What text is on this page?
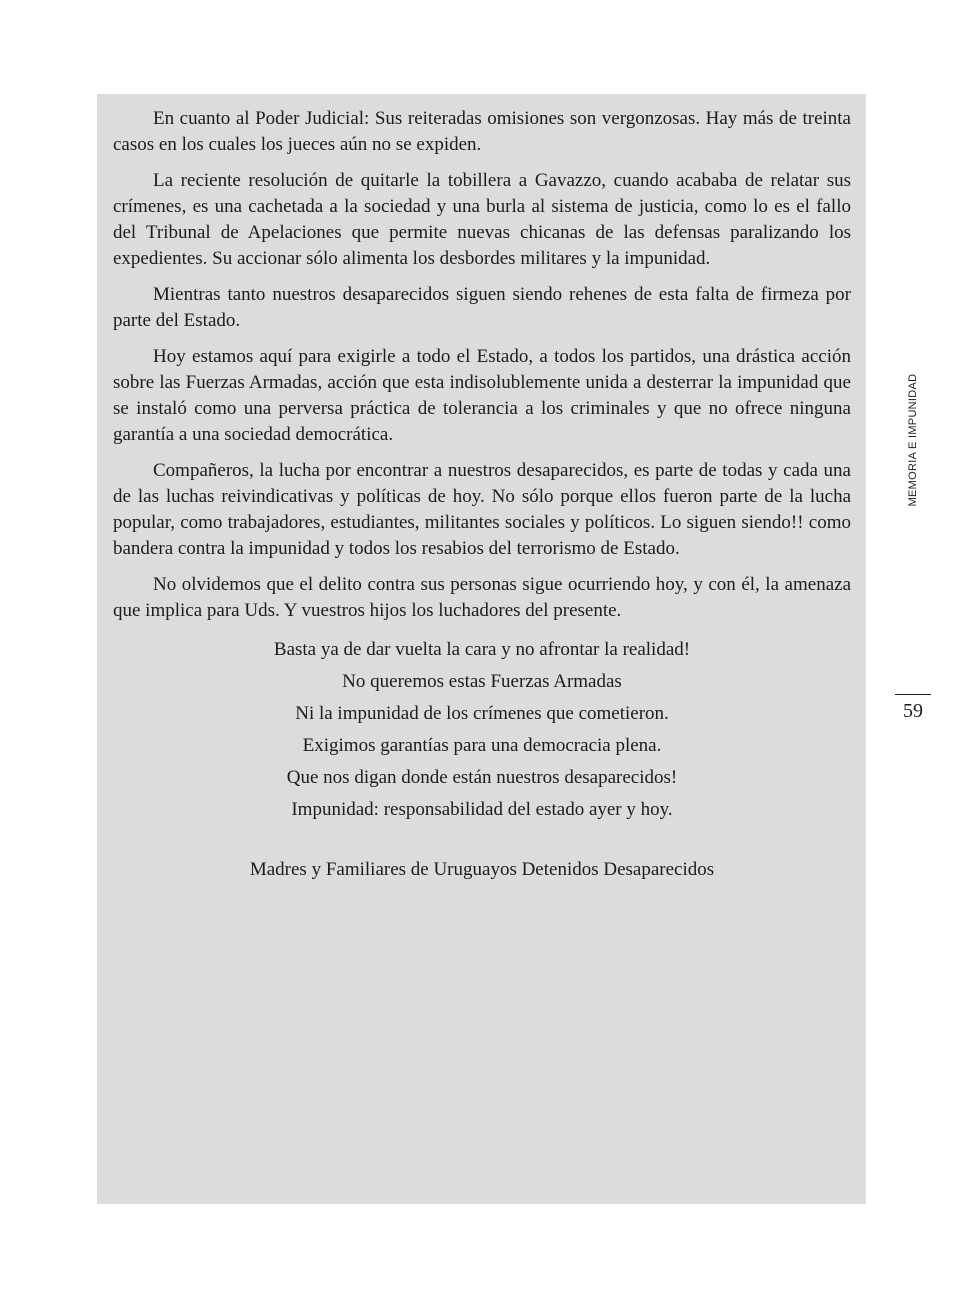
En cuanto al Poder Judicial: Sus reiteradas omisiones son vergonzosas. Hay más de treinta casos en los cuales los jueces aún no se expiden.

La reciente resolución de quitarle la tobillera a Gavazzo, cuando acababa de relatar sus crímenes, es una cachetada a la sociedad y una burla al sistema de justicia, como lo es el fallo del Tribunal de Apelaciones que permite nuevas chicanas de las defensas paralizando los expedientes. Su accionar sólo alimenta los desbordes militares y la impunidad.

Mientras tanto nuestros desaparecidos siguen siendo rehenes de esta falta de firmeza por parte del Estado.

Hoy estamos aquí para exigirle a todo el Estado, a todos los partidos, una drástica acción sobre las Fuerzas Armadas, acción que esta indisolublemente unida a desterrar la impunidad que se instaló como una perversa práctica de tolerancia a los criminales y que no ofrece ninguna garantía a una sociedad democrática.

Compañeros, la lucha por encontrar a nuestros desaparecidos, es parte de todas y cada una de las luchas reivindicativas y políticas de hoy. No sólo porque ellos fueron parte de la lucha popular, como trabajadores, estudiantes, militantes sociales y políticos. Lo siguen siendo!! como bandera contra la impunidad y todos los resabios del terrorismo de Estado.

No olvidemos que el delito contra sus personas sigue ocurriendo hoy, y con él, la amenaza que implica para Uds. Y vuestros hijos los luchadores del presente.

Basta ya de dar vuelta la cara y no afrontar la realidad!
No queremos estas Fuerzas Armadas
Ni la impunidad de los crímenes que cometieron.
Exigimos garantías para una democracia plena.
Que nos digan donde están nuestros desaparecidos!
Impunidad: responsabilidad del estado ayer y hoy.
Madres y Familiares de Uruguayos Detenidos Desaparecidos
MEMORIA E IMPUNIDAD
59
